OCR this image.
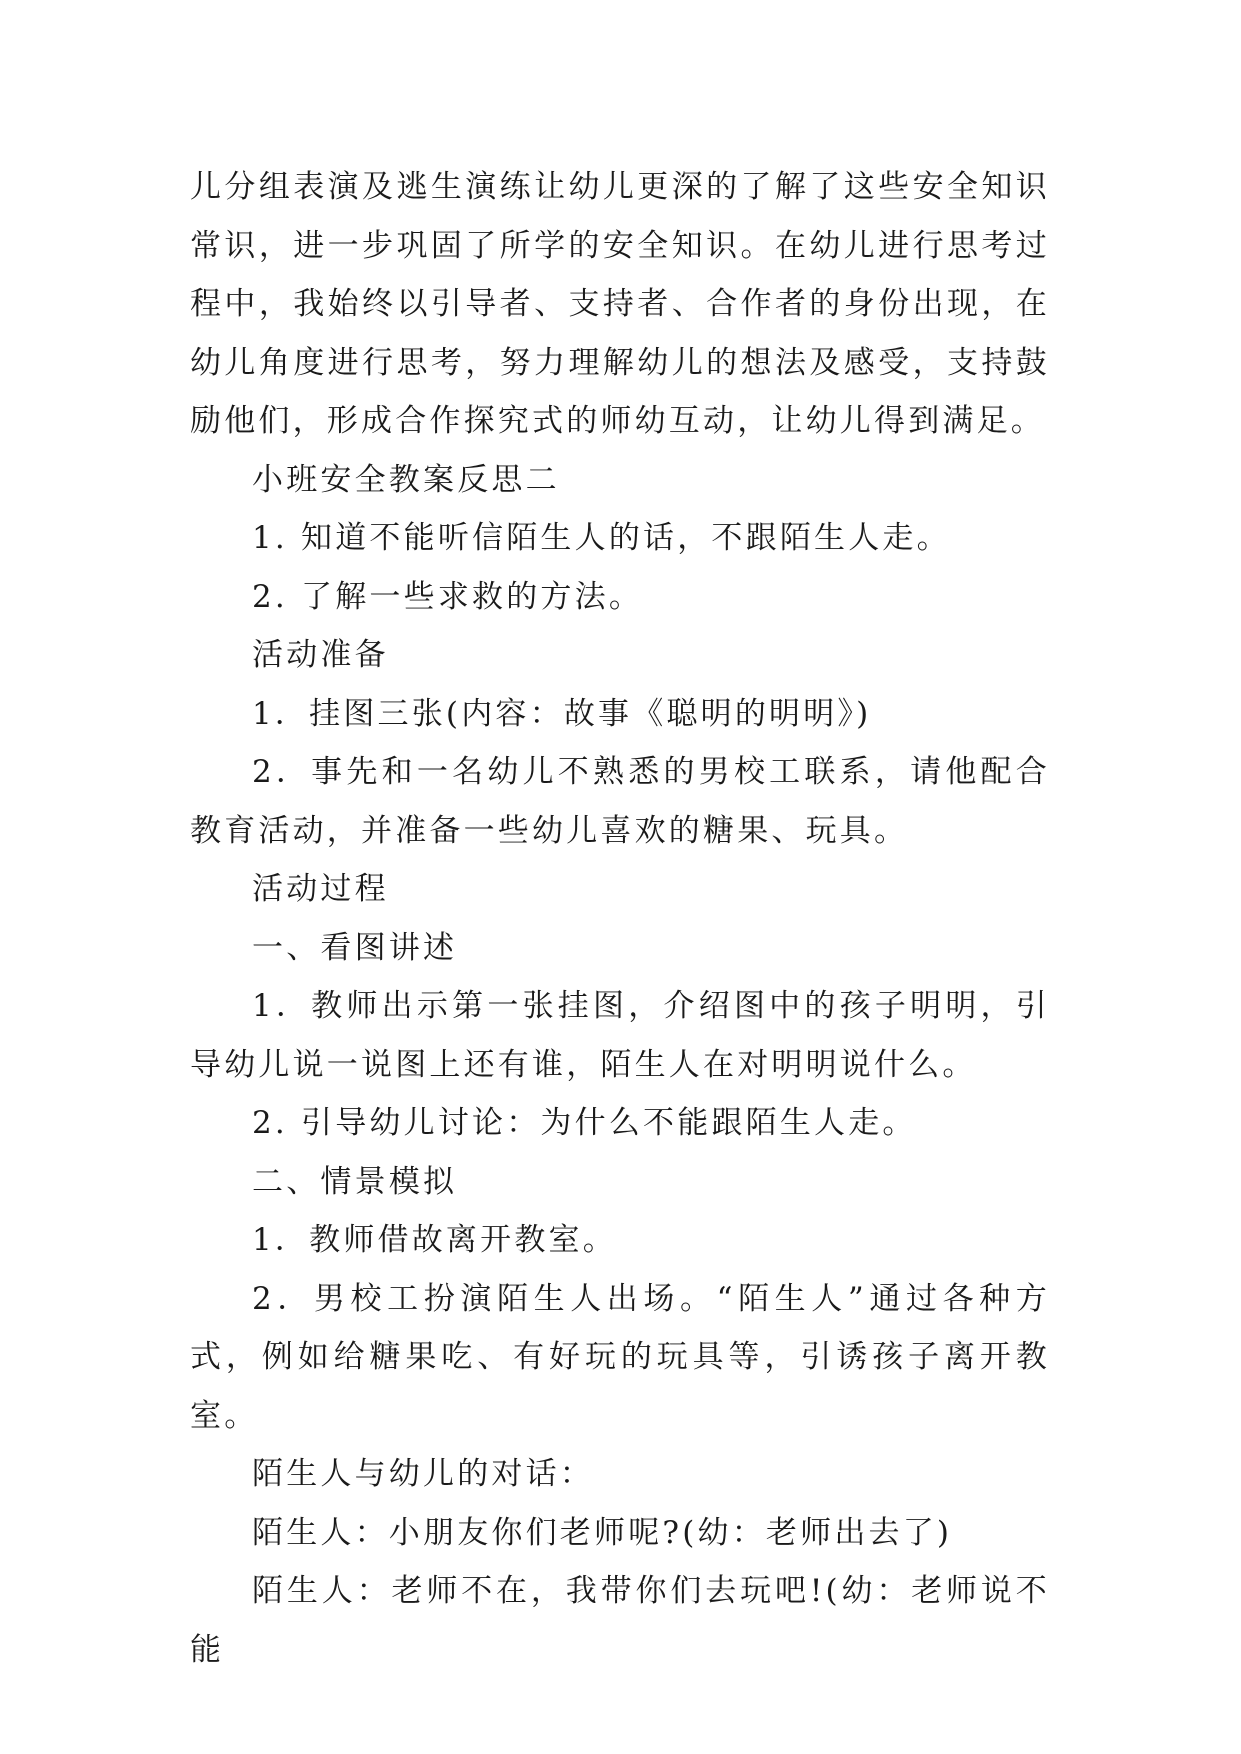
儿分组表演及逃生演练让幼儿更深的了解了这些安全知识常识，进一步巩固了所学的安全知识。在幼儿进行思考过程中，我始终以引导者、支持者、合作者的身份出现，在幼儿角度进行思考，努力理解幼儿的想法及感受，支持鼓励他们，形成合作探究式的师幼互动，让幼儿得到满足。

小班安全教案反思二

1. 知道不能听信陌生人的话，不跟陌生人走。

2. 了解一些求救的方法。

活动准备

1．挂图三张(内容：故事《聪明的明明》)

2．事先和一名幼儿不熟悉的男校工联系，请他配合教育活动，并准备一些幼儿喜欢的糖果、玩具。

活动过程

一、看图讲述

1．教师出示第一张挂图，介绍图中的孩子明明，引导幼儿说一说图上还有谁，陌生人在对明明说什么。

2. 引导幼儿讨论：为什么不能跟陌生人走。

二、情景模拟

1．教师借故离开教室。

2．男校工扮演陌生人出场。“陌生人”通过各种方式，例如给糖果吃、有好玩的玩具等，引诱孩子离开教室。

陌生人与幼儿的对话：

陌生人：小朋友你们老师呢?(幼：老师出去了)

陌生人：老师不在，我带你们去玩吧!(幼：老师说不能
